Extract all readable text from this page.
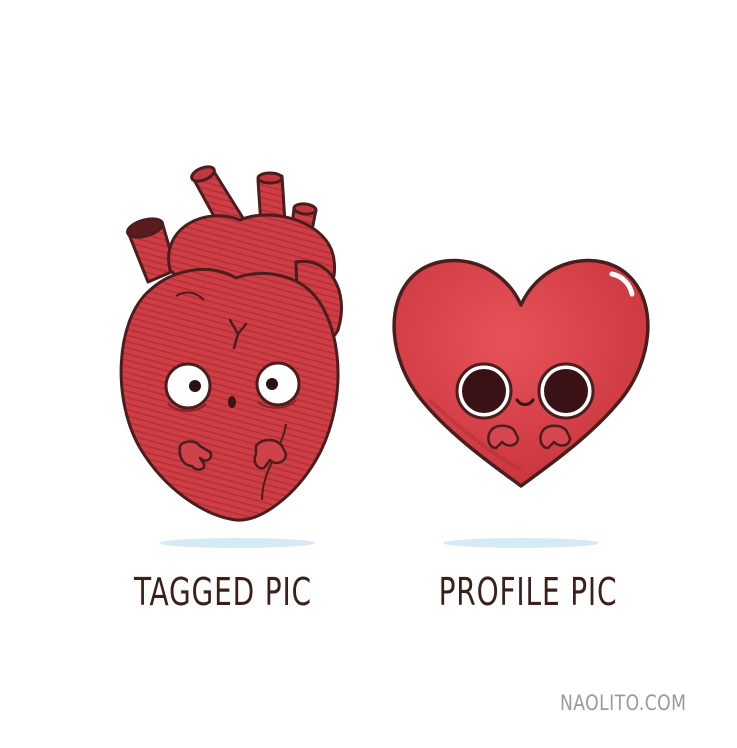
TAGGED PIC	PROFILE PIC
NAOLITO.COM
